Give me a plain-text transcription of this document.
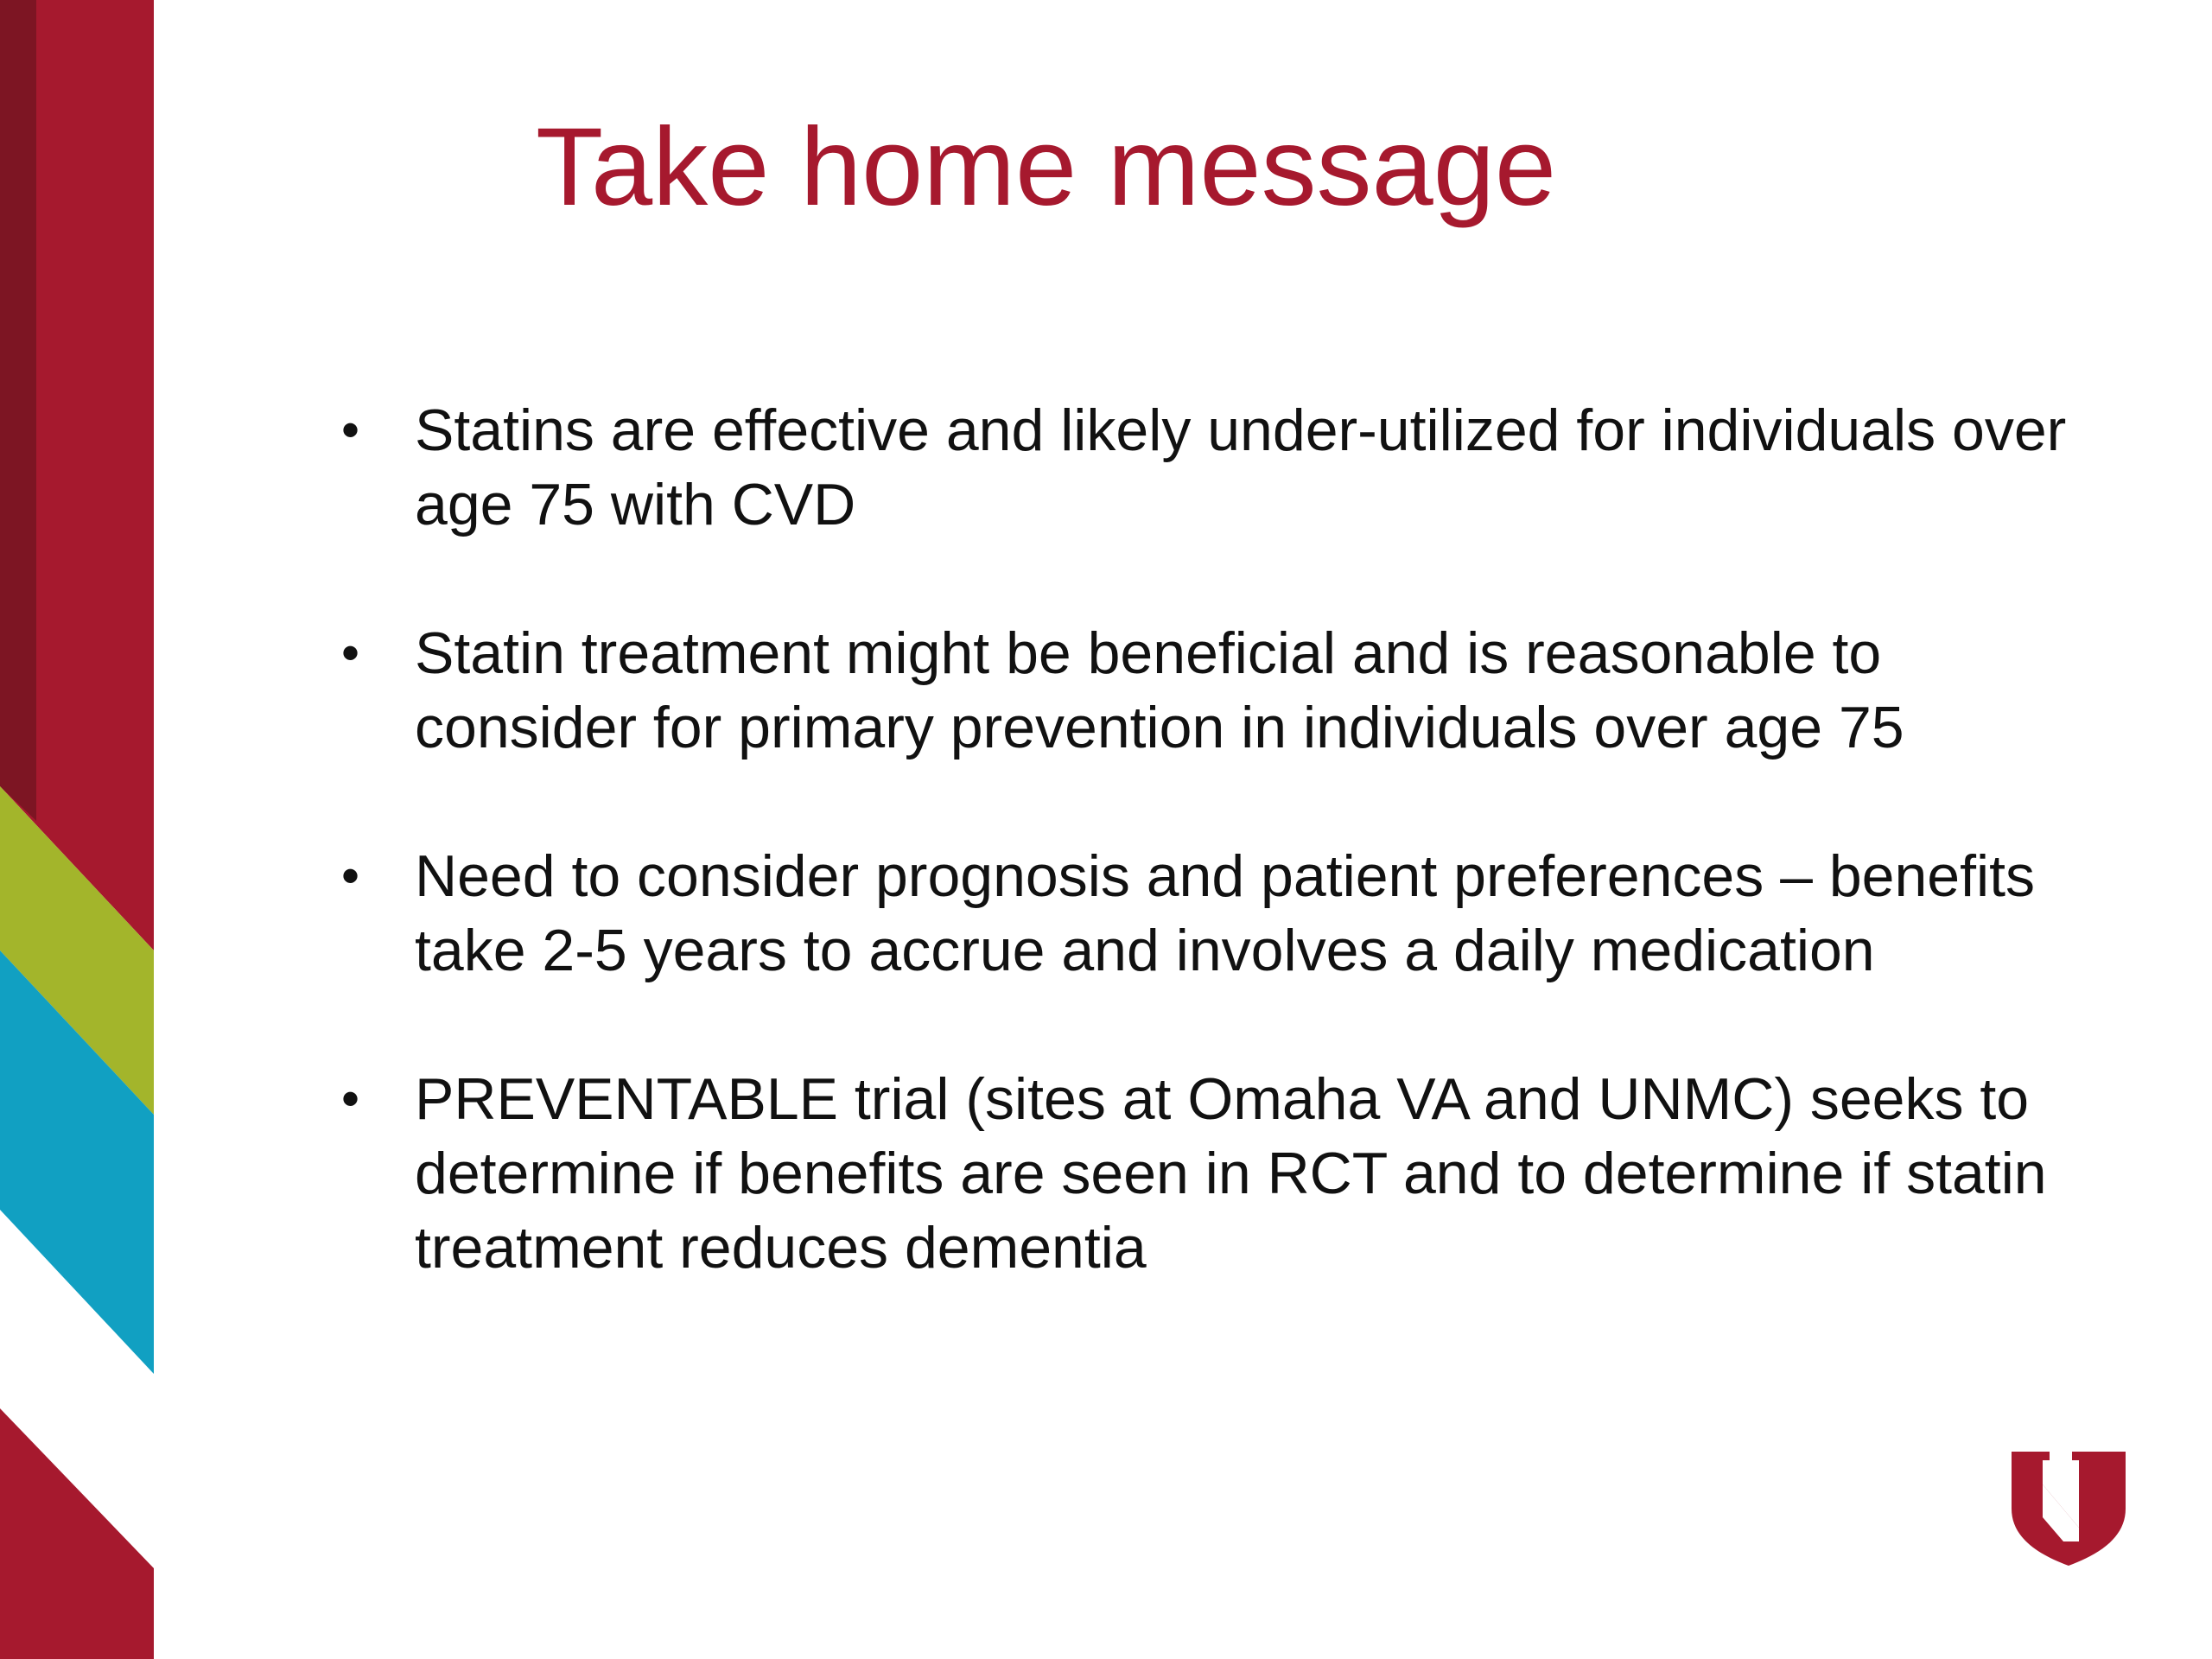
Take home message
• Statins are effective and likely under-utilized for individuals over age 75 with CVD
• Statin treatment might be beneficial and is reasonable to consider for primary prevention in individuals over age 75
• Need to consider prognosis and patient preferences – benefits take 2-5 years to accrue and involves a daily medication
• PREVENTABLE trial (sites at Omaha VA and UNMC) seeks to determine if benefits are seen in RCT and to determine if statin treatment reduces dementia
